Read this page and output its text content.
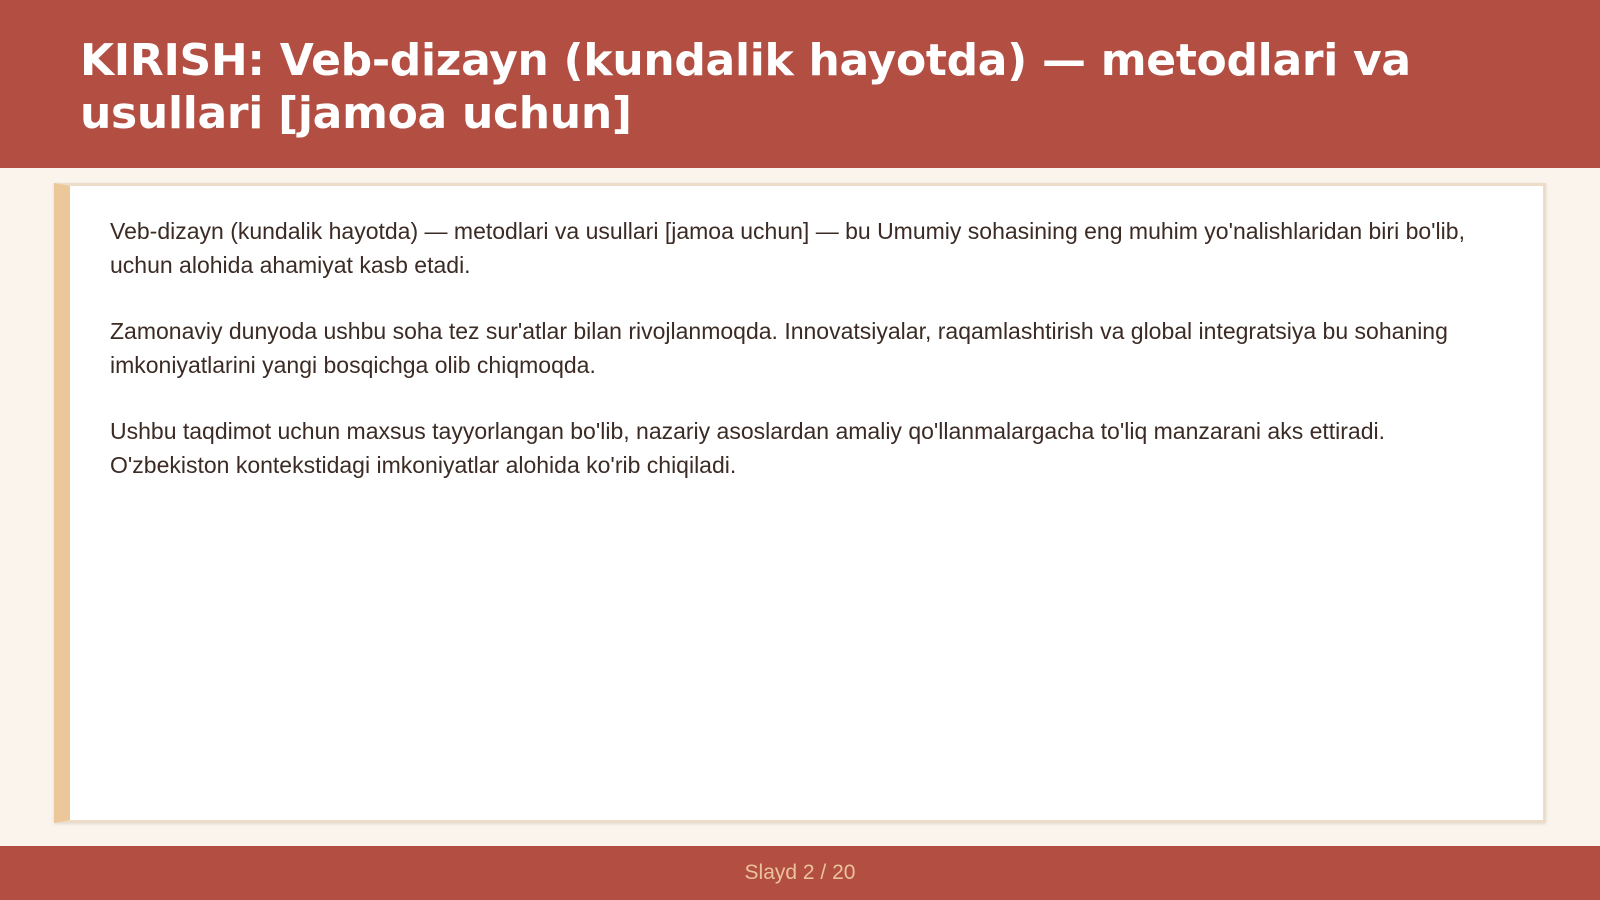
KIRISH: Veb-dizayn (kundalik hayotda) — metodlari va usullari [jamoa uchun]

Veb-dizayn (kundalik hayotda) — metodlari va usullari [jamoa uchun] — bu Umumiy sohasining eng muhim yo'nalishlaridan biri bo'lib, uchun alohida ahamiyat kasb etadi.

Zamonaviy dunyoda ushbu soha tez sur'atlar bilan rivojlanmoqda. Innovatsiyalar, raqamlashtirish va global integratsiya bu sohaning imkoniyatlarini yangi bosqichga olib chiqmoqda.

Ushbu taqdimot uchun maxsus tayyorlangan bo'lib, nazariy asoslardan amaliy qo'llanmalargacha to'liq manzarani aks ettiradi. O'zbekiston kontekstidagi imkoniyatlar alohida ko'rib chiqiladi.

Slayd 2 / 20
